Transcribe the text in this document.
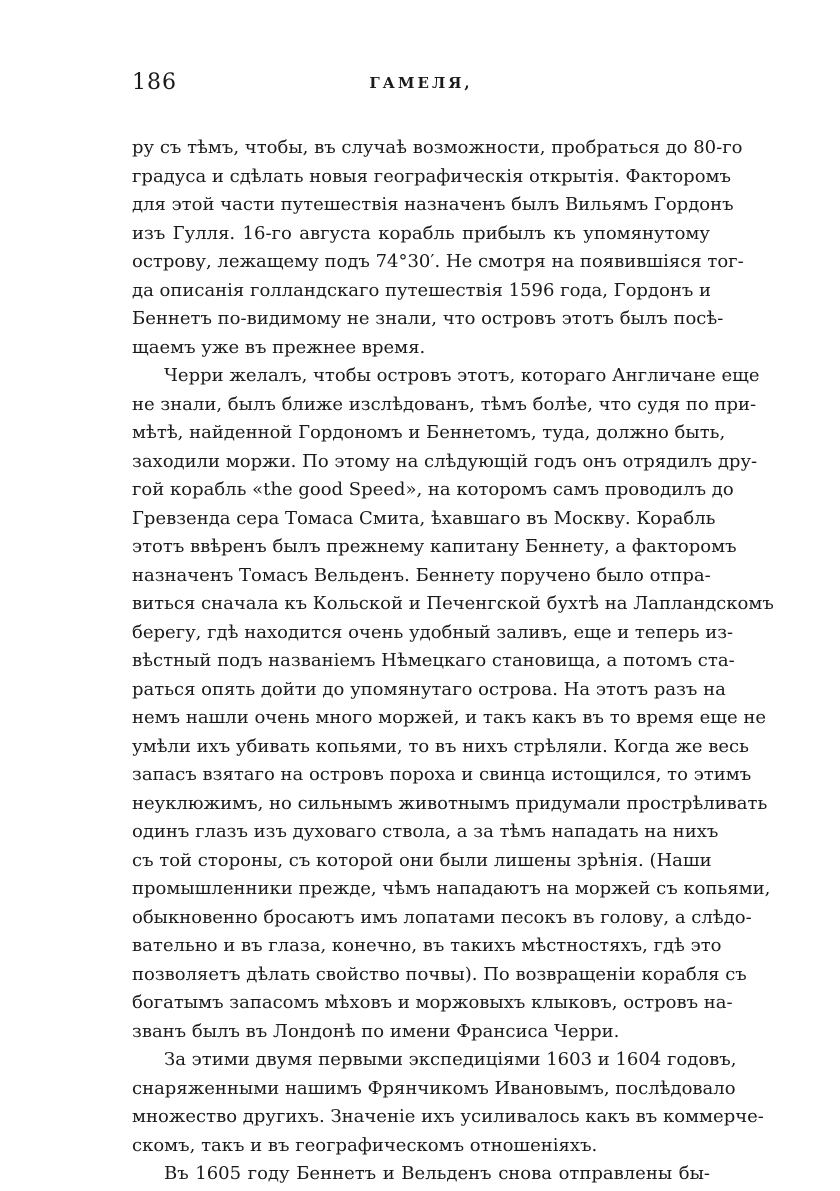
186	ГАМЕЛЯ,

ру съ тѣмъ, чтобы, въ случаѣ возможности, пробраться до 80-го
градуса и сдѣлать новыя географическія открытія. Факторомъ
для этой части путешествія назначенъ былъ Вильямъ Гордонъ
изъ Гулля. 16-го августа корабль прибылъ къ упомянутому
острову, лежащему подъ 74°30′. Не смотря на появившіяся тог-
да описанія голландскаго путешествія 1596 года, Гордонъ и
Беннетъ по-видимому не знали, что островъ этотъ былъ посѣ-
щаемъ уже въ прежнее время.

Черри желалъ, чтобы островъ этотъ, котораго Англичане еще
не знали, былъ ближе изслѣдованъ, тѣмъ болѣе, что судя по при-
мѣтѣ, найденной Гордономъ и Беннетомъ, туда, должно быть,
заходили моржи. По этому на слѣдующій годъ онъ отрядилъ дру-
гой корабль «the good Speed», на которомъ самъ проводилъ до
Гревзенда сера Томаса Смита, ѣхавшаго въ Москву. Корабль
этотъ ввѣренъ былъ прежнему капитану Беннету, а факторомъ
назначенъ Томасъ Вельденъ. Беннету поручено было отпра-
виться сначала къ Кольской и Печенгской бухтѣ на Лапландскомъ
берегу, гдѣ находится очень удобный заливъ, еще и теперь из-
вѣстный подъ названіемъ Нѣмецкаго становища, а потомъ ста-
раться опять дойти до упомянутаго острова. На этотъ разъ на
немъ нашли очень много моржей, и такъ какъ въ то время еще не
умѣли ихъ убивать копьями, то въ нихъ стрѣляли. Когда же весь
запасъ взятаго на островъ пороха и свинца истощился, то этимъ
неуклюжимъ, но сильнымъ животнымъ придумали прострѣливать
одинъ глазъ изъ духоваго ствола, а за тѣмъ нападать на нихъ
съ той стороны, съ которой они были лишены зрѣнія. (Наши
промышленники прежде, чѣмъ нападаютъ на моржей съ копьями,
обыкновенно бросаютъ имъ лопатами песокъ въ голову, а слѣдо-
вательно и въ глаза, конечно, въ такихъ мѣстностяхъ, гдѣ это
позволяетъ дѣлать свойство почвы). По возвращеніи корабля съ
богатымъ запасомъ мѣховъ и моржовыхъ клыковъ, островъ на-
званъ былъ въ Лондонѣ по имени Франсиса Черри.

За этими двумя первыми экспедиціями 1603 и 1604 годовъ,
снаряженными нашимъ Фрянчикомъ Ивановымъ, послѣдовало
множество другихъ. Значеніе ихъ усиливалось какъ въ коммерче-
скомъ, такъ и въ географическомъ отношеніяхъ.

Въ 1605 году Беннетъ и Вельденъ снова отправлены бы-
